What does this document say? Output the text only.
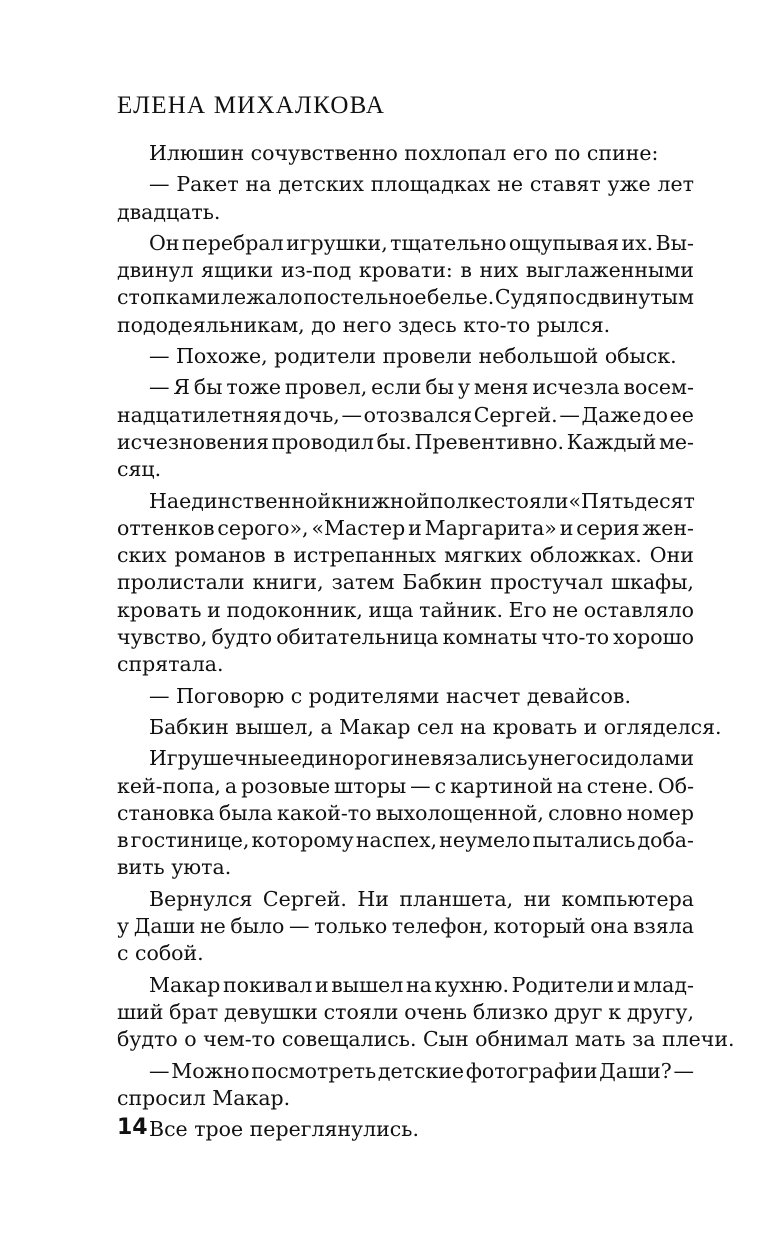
ЕЛЕНА МИХАЛКОВА
Илюшин сочувственно похлопал его по спине:
— Ракет на детских площадках не ставят уже лет
двадцать.
Он перебрал игрушки, тщательно ощупывая их. Вы-
двинул ящики из-под кровати: в них выглаженными
стопками лежало постельное белье. Судя по сдвинутым
пододеяльникам, до него здесь кто-то рылся.
— Похоже, родители провели небольшой обыск.
— Я бы тоже провел, если бы у меня исчезла восем-
надцатилетняя дочь, — отозвался Сергей. — Даже до ее
исчезновения проводил бы. Превентивно. Каждый ме-
сяц.
На единственной книжной полке стояли «Пятьдесят
оттенков серого», «Мастер и Маргарита» и серия жен-
ских романов в истрепанных мягких обложках. Они
пролистали книги, затем Бабкин простучал шкафы,
кровать и подоконник, ища тайник. Его не оставляло
чувство, будто обитательница комнаты что-то хорошо
спрятала.
— Поговорю с родителями насчет девайсов.
Бабкин вышел, а Макар сел на кровать и огляделся.
Игрушечные единороги не вязались у него с идолами
кей-попа, а розовые шторы — с картиной на стене. Об-
становка была какой-то выхолощенной, словно номер
в гостинице, которому наспех, неумело пытались доба-
вить уюта.
Вернулся Сергей. Ни планшета, ни компьютера
у Даши не было — только телефон, который она взяла
с собой.
Макар покивал и вышел на кухню. Родители и млад-
ший брат девушки стояли очень близко друг к другу,
будто о чем-то совещались. Сын обнимал мать за плечи.
— Можно посмотреть детские фотографии Даши? —
спросил Макар.
Все трое переглянулись.
14
